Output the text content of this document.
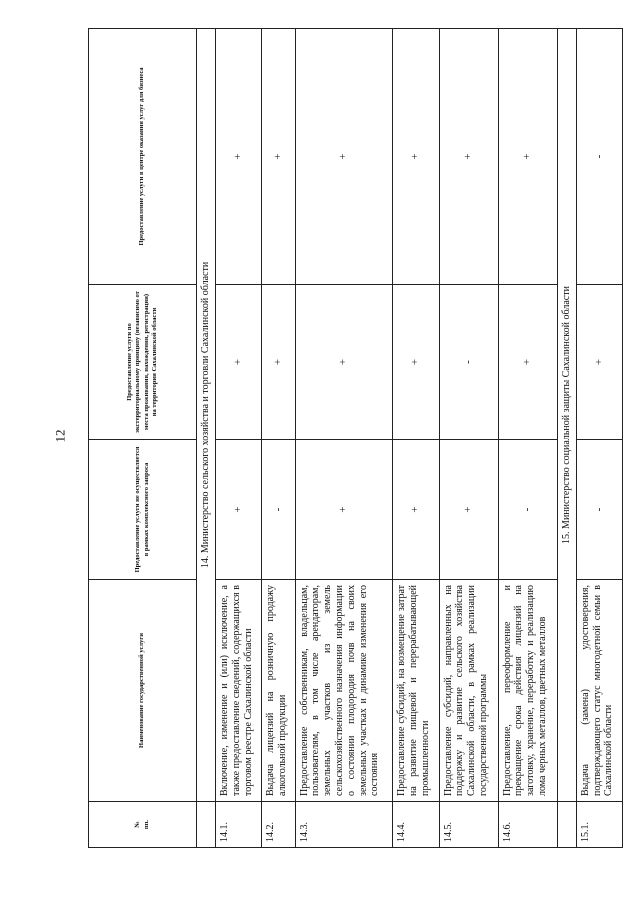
12
№
пп.	Наименование государственной услуги	Предоставление услуги не осуществляется в рамках комплексного запроса	Предоставление услуги по экстерриториальному принципу (независимо от места проживания, нахождения, регистрации) на территории Сахалинской области	Предоставление услуги в центре оказания услуг для бизнеса
	14. Министерство сельского хозяйства и торговли Сахалинской области			
14.1.	Включение, изменение и (или) исключение, а также предоставление сведений, содержащихся в торговом реестре Сахалинской области	+	+	+
14.2.	Выдача лицензий на розничную продажу алкогольной продукции	-	+	+
14.3.	Предоставление собственникам, владельцам, пользователям, в том числе арендаторам, земельных участков из земель сельскохозяйственного назначения информации о состоянии плодородия почв на своих земельных участках и динамике изменения его состояния	+	+	+
14.4.	Предоставление субсидий, на возмещение затрат на развитие пищевой и перерабатывающей промышленности	+	+	+
14.5.	Предоставление субсидий, направленных на поддержку и развитие сельского хозяйства Сахалинской области, в рамках реализации государственной программы	+	-	+
14.6.	Предоставление, переоформление и прекращение срока действия лицензий на заготовку, хранение, переработку и реализацию лома черных металлов, цветных металлов	-	+	+
	15. Министерство социальной защиты Сахалинской области			
15.1.	Выдача (замена) удостоверения, подтверждающего статус многодетной семьи в Сахалинской области	-	+	-
